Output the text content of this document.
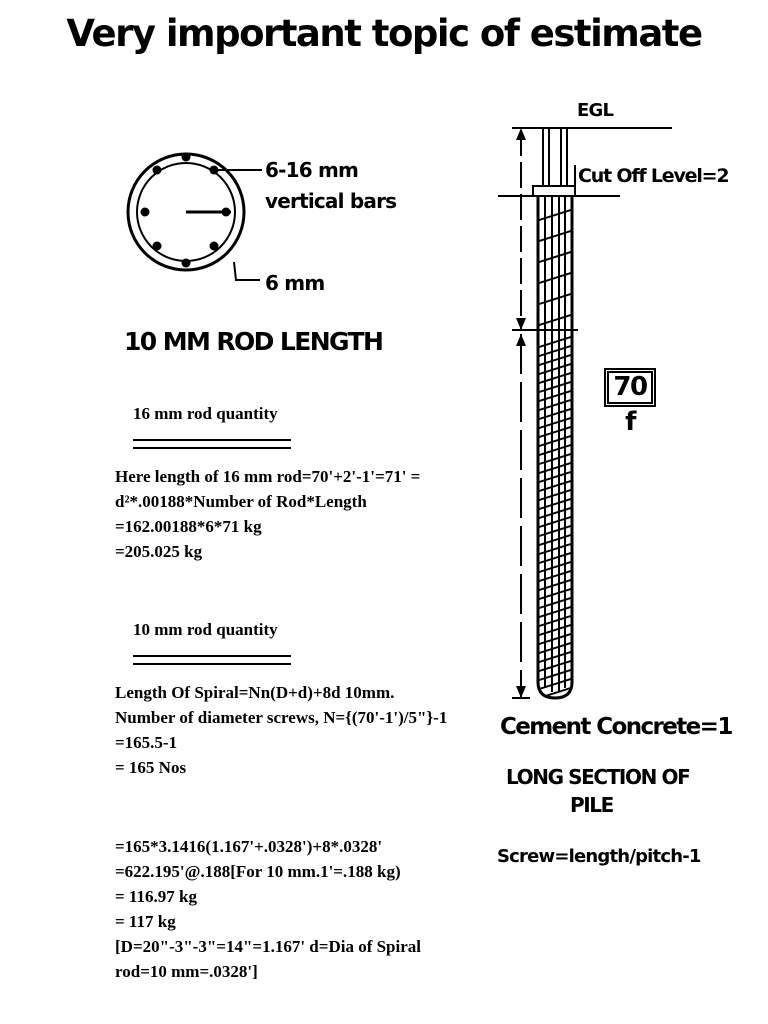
Very important topic of estimate
6-16 mm
vertical bars
6 mm
10 MM ROD LENGTH
16 mm rod quantity
Here length of 16 mm rod=70'+2'-1'=71' =
d²*.00188*Number of Rod*Length
=162.00188*6*71 kg
=205.025 kg
10 mm rod quantity
Length Of Spiral=Nn(D+d)+8d 10mm.
Number of diameter screws, N={(70'-1')/5"}-1
=165.5-1
= 165 Nos
=165*3.1416(1.167'+.0328')+8*.0328'
=622.195'@.188[For 10 mm.1'=.188 kg)
= 116.97 kg
= 117 kg
[D=20"-3"-3"=14"=1.167' d=Dia of Spiral
rod=10 mm=.0328']
EGL
Cut Off Level=2
70 f
Cement Concrete=1
LONG SECTION OF
PILE
Screw=length/pitch-1
